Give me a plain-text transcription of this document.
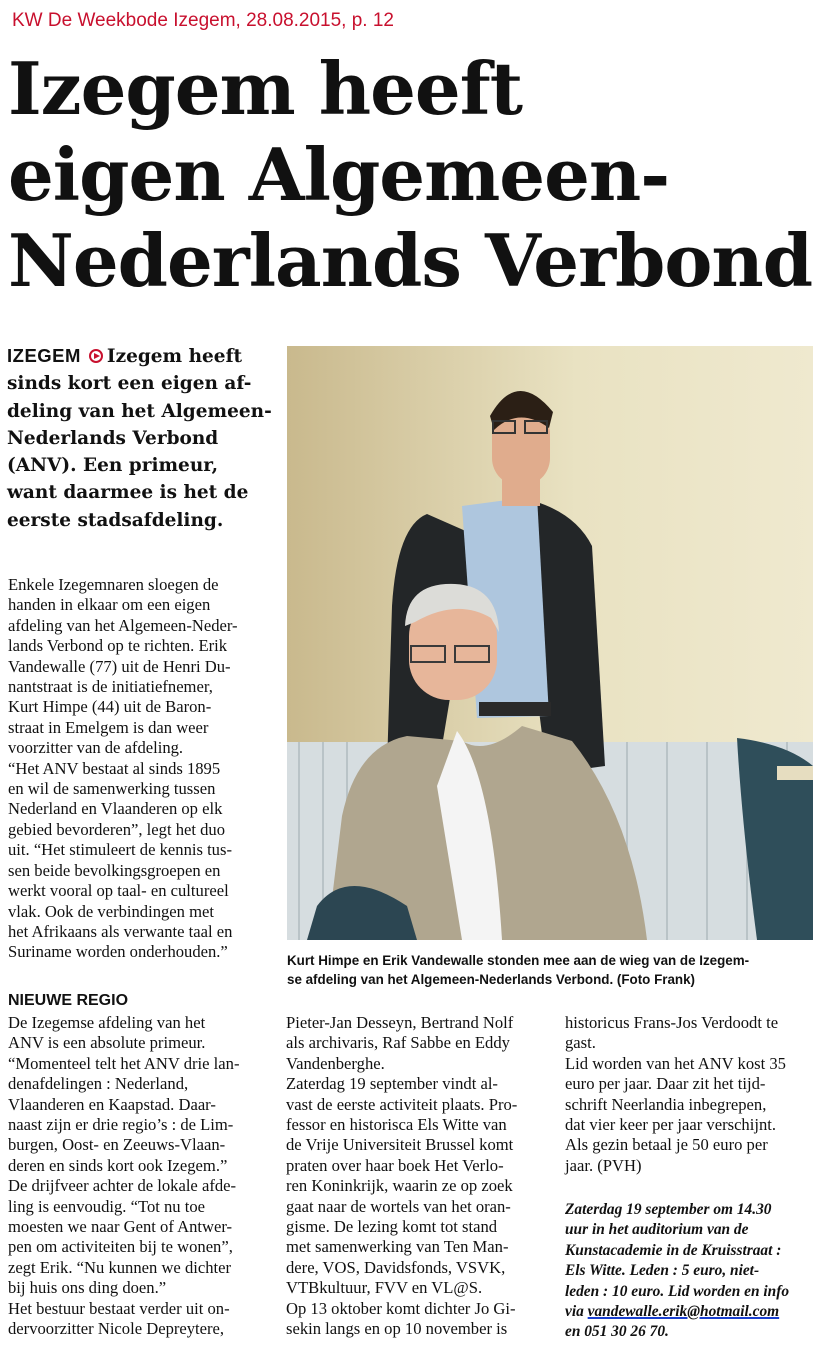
KW De Weekbode Izegem, 28.08.2015, p. 12
Izegem heeft
eigen Algemeen-
Nederlands Verbond
IZEGEM Izegem heeft
sinds kort een eigen af-
deling van het Algemeen-
Nederlands Verbond
(ANV). Een primeur,
want daarmee is het de
eerste stadsafdeling.
Enkele Izegemnaren sloegen de
handen in elkaar om een eigen
afdeling van het Algemeen-Neder-
lands Verbond op te richten. Erik
Vandewalle (77) uit de Henri Du-
nantstraat is de initiatiefnemer,
Kurt Himpe (44) uit de Baron-
straat in Emelgem is dan weer
voorzitter van de afdeling.
“Het ANV bestaat al sinds 1895
en wil de samenwerking tussen
Nederland en Vlaanderen op elk
gebied bevorderen”, legt het duo
uit. “Het stimuleert de kennis tus-
sen beide bevolkingsgroepen en
werkt vooral op taal- en cultureel
vlak. Ook de verbindingen met
het Afrikaans als verwante taal en
Suriname worden onderhouden.”
NIEUWE REGIO
De Izegemse afdeling van het
ANV is een absolute primeur.
“Momenteel telt het ANV drie lan-
denafdelingen : Nederland,
Vlaanderen en Kaapstad. Daar-
naast zijn er drie regio’s : de Lim-
burgen, Oost- en Zeeuws-Vlaan-
deren en sinds kort ook Izegem.”
De drijfveer achter de lokale afde-
ling is eenvoudig. “Tot nu toe
moesten we naar Gent of Antwer-
pen om activiteiten bij te wonen”,
zegt Erik. “Nu kunnen we dichter
bij huis ons ding doen.”
Het bestuur bestaat verder uit on-
dervoorzitter Nicole Depreytere,
Kurt Himpe en Erik Vandewalle stonden mee aan de wieg van de Izegem-
se afdeling van het Algemeen-Nederlands Verbond. (Foto Frank)
Pieter-Jan Desseyn, Bertrand Nolf
als archivaris, Raf Sabbe en Eddy
Vandenberghe.
Zaterdag 19 september vindt al-
vast de eerste activiteit plaats. Pro-
fessor en historisca Els Witte van
de Vrije Universiteit Brussel komt
praten over haar boek Het Verlo-
ren Koninkrijk, waarin ze op zoek
gaat naar de wortels van het oran-
gisme. De lezing komt tot stand
met samenwerking van Ten Man-
dere, VOS, Davidsfonds, VSVK,
VTBkultuur, FVV en VL@S.
Op 13 oktober komt dichter Jo Gi-
sekin langs en op 10 november is
historicus Frans-Jos Verdoodt te
gast.
Lid worden van het ANV kost 35
euro per jaar. Daar zit het tijd-
schrift Neerlandia inbegrepen,
dat vier keer per jaar verschijnt.
Als gezin betaal je 50 euro per
jaar. (PVH)
Zaterdag 19 september om 14.30
uur in het auditorium van de
Kunstacademie in de Kruisstraat :
Els Witte. Leden : 5 euro, niet-
leden : 10 euro. Lid worden en info
via vandewalle.erik@hotmail.com
en 051 30 26 70.
